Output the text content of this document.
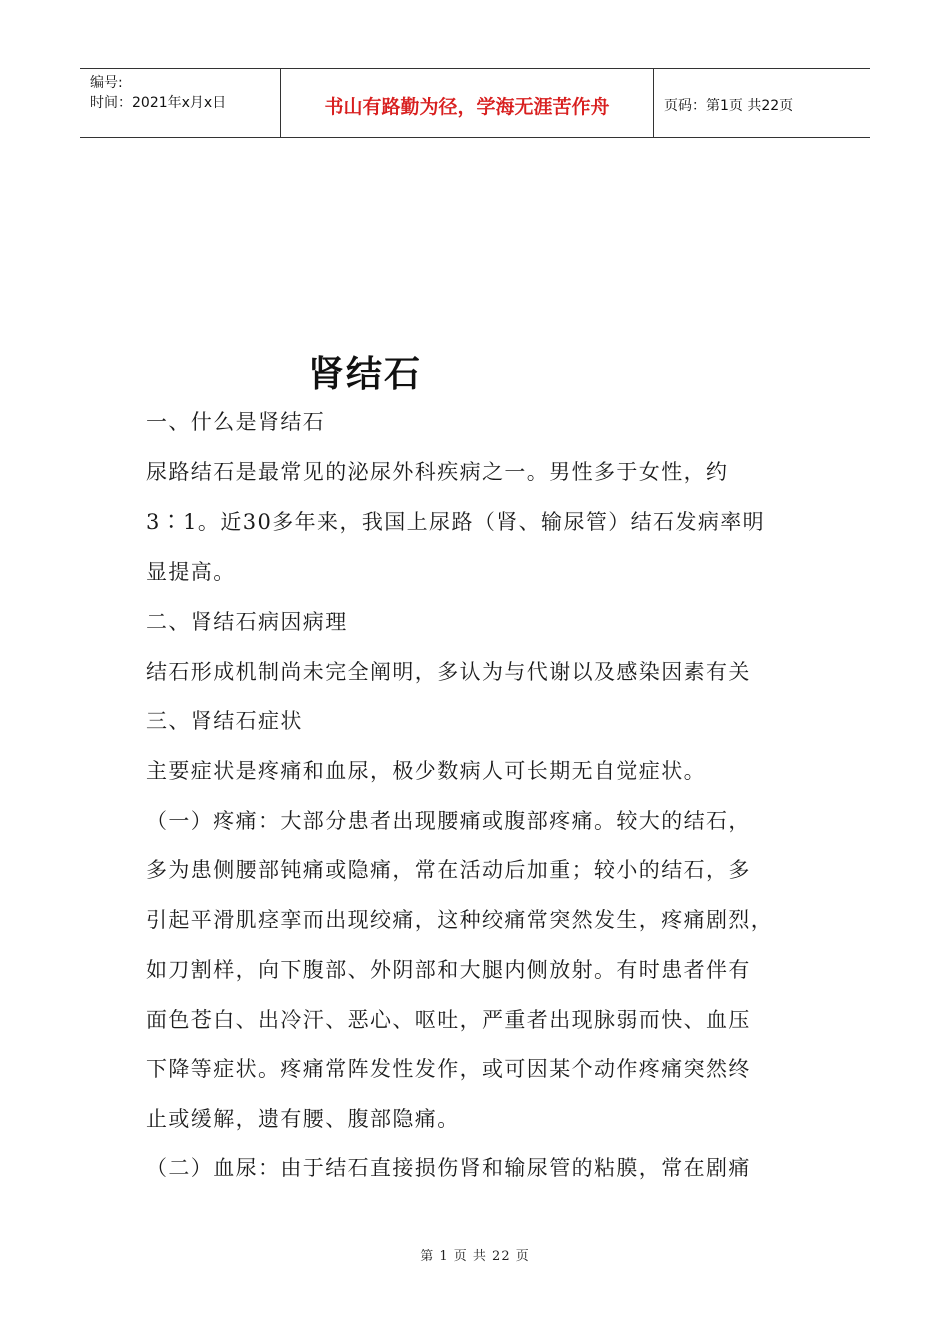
编号:
时间：2021年x月x日	书山有路勤为径，学海无涯苦作舟	页码：第1页 共22页
肾结石
一、什么是肾结石
尿路结石是最常见的泌尿外科疾病之一。男性多于女性，约
3∶1。近30多年来，我国上尿路（肾、输尿管）结石发病率明
显提高。
二、肾结石病因病理
结石形成机制尚未完全阐明，多认为与代谢以及感染因素有关
三、肾结石症状
主要症状是疼痛和血尿，极少数病人可长期无自觉症状。
（一）疼痛：大部分患者出现腰痛或腹部疼痛。较大的结石，
多为患侧腰部钝痛或隐痛，常在活动后加重；较小的结石，多
引起平滑肌痉挛而出现绞痛，这种绞痛常突然发生，疼痛剧烈，
如刀割样，向下腹部、外阴部和大腿内侧放射。有时患者伴有
面色苍白、出冷汗、恶心、呕吐，严重者出现脉弱而快、血压
下降等症状。疼痛常阵发性发作，或可因某个动作疼痛突然终
止或缓解，遗有腰、腹部隐痛。
（二）血尿：由于结石直接损伤肾和输尿管的粘膜，常在剧痛
第 1 页 共 22 页
